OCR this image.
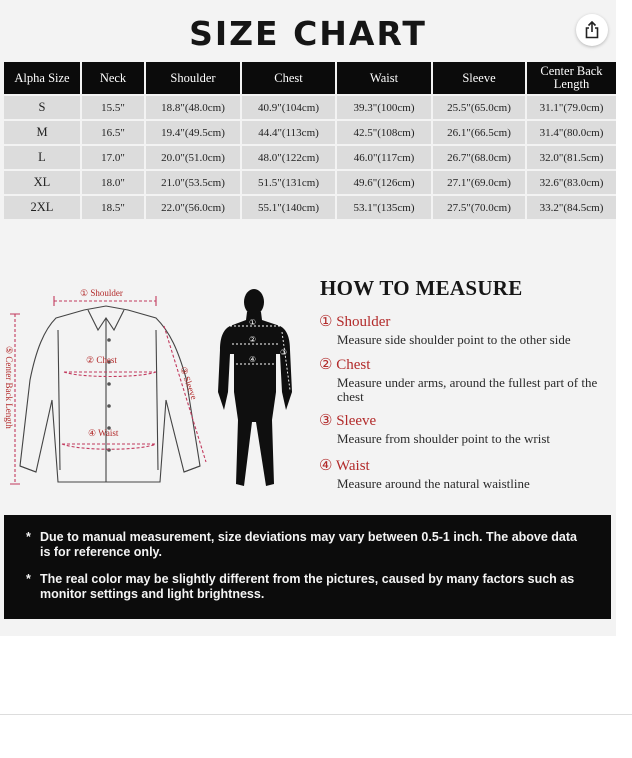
SIZE CHART
Alpha Size	Neck	Shoulder	Chest	Waist	Sleeve	Center Back Length
S	15.5"	18.8"(48.0cm)	40.9"(104cm)	39.3"(100cm)	25.5"(65.0cm)	31.1"(79.0cm)
M	16.5"	19.4"(49.5cm)	44.4"(113cm)	42.5"(108cm)	26.1"(66.5cm)	31.4"(80.0cm)
L	17.0"	20.0"(51.0cm)	48.0"(122cm)	46.0"(117cm)	26.7"(68.0cm)	32.0"(81.5cm)
XL	18.0"	21.0"(53.5cm)	51.5"(131cm)	49.6"(126cm)	27.1"(69.0cm)	32.6"(83.0cm)
2XL	18.5"	22.0"(56.0cm)	55.1"(140cm)	53.1"(135cm)	27.5"(70.0cm)	33.2"(84.5cm)
① Shoulder
② Chest
④ Waist
③ Sleeve
⑤ Center Back Length
①
②
③
④
HOW TO MEASURE
① Shoulder
Measure side shoulder point to the other side
② Chest
Measure under arms, around the fullest part of the chest
③ Sleeve
Measure from shoulder point to the wrist
④ Waist
Measure around the natural waistline
* Due to manual measurement, size deviations may vary between 0.5-1 inch. The above data is for reference only.
* The real color may be slightly different from the pictures, caused by many factors such as monitor settings and light brightness.
